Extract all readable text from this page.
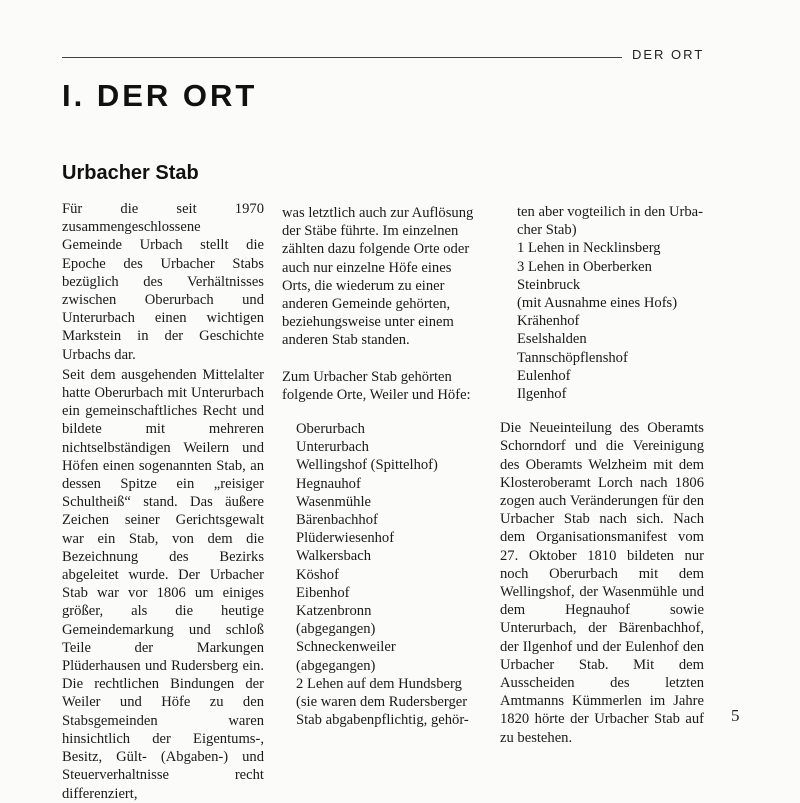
DER ORT
I. DER ORT
Urbacher Stab

Für die seit 1970 zusammengeschlossene Gemeinde Urbach stellt die Epoche des Urbacher Stabs bezüglich des Verhältnisses zwischen Oberurbach und Unterurbach einen wichtigen Markstein in der Geschichte Urbachs dar.

Seit dem ausgehenden Mittelalter hatte Oberurbach mit Unterurbach ein gemeinschaftliches Recht und bildete mit mehreren nichtselbständigen Weilern und Höfen einen sogenannten Stab, an dessen Spitze ein „reisiger Schultheiß“ stand. Das äußere Zeichen seiner Gerichtsgewalt war ein Stab, von dem die Bezeichnung des Bezirks abgeleitet wurde. Der Urbacher Stab war vor 1806 um einiges größer, als die heutige Gemeindemarkung und schloß Teile der Markungen Plüderhausen und Rudersberg ein. Die rechtlichen Bindungen der Weiler und Höfe zu den Stabsgemeinden waren hinsichtlich der Eigentums-, Besitz, Gült- (Abgaben-) und Steuerverhaltnisse recht differenziert,

was letztlich auch zur Auflösung der Stäbe führte. Im einzelnen zählten dazu folgende Orte oder auch nur einzelne Höfe eines Orts, die wiederum zu einer anderen Gemeinde gehörten, beziehungsweise unter einem anderen Stab standen.

Zum Urbacher Stab gehörten folgende Orte, Weiler und Höfe:

Oberurbach
Unterurbach
Wellingshof (Spittelhof)
Hegnauhof
Wasenmühle
Bärenbachhof
Plüderwiesenhof
Walkersbach
Köshof
Eibenhof
Katzenbronn
(abgegangen)
Schneckenweiler
(abgegangen)
2 Lehen auf dem Hundsberg
(sie waren dem Rudersberger
Stab abgabenpflichtig, gehör-

ten aber vogteilich in den Urba-

cher Stab)

1 Lehen in Necklinsberg
3 Lehen in Oberberken
Steinbruck
(mit Ausnahme eines Hofs)
Krähenhof
Eselshalden
Tannschöpflenshof
Eulenhof
Ilgenhof

Die Neueinteilung des Oberamts Schorndorf und die Vereinigung des Oberamts Welzheim mit dem Klosteroberamt Lorch nach 1806 zogen auch Veränderungen für den Urbacher Stab nach sich. Nach dem Organisationsmanifest vom 27. Oktober 1810 bildeten nur noch Oberurbach mit dem Wellingshof, der Wasenmühle und dem Hegnauhof sowie Unterurbach, der Bärenbachhof, der Ilgenhof und der Eulenhof den Urbacher Stab. Mit dem Ausscheiden des letzten Amtmanns Kümmerlen im Jahre 1820 hörte der Urbacher Stab auf zu bestehen.

5
